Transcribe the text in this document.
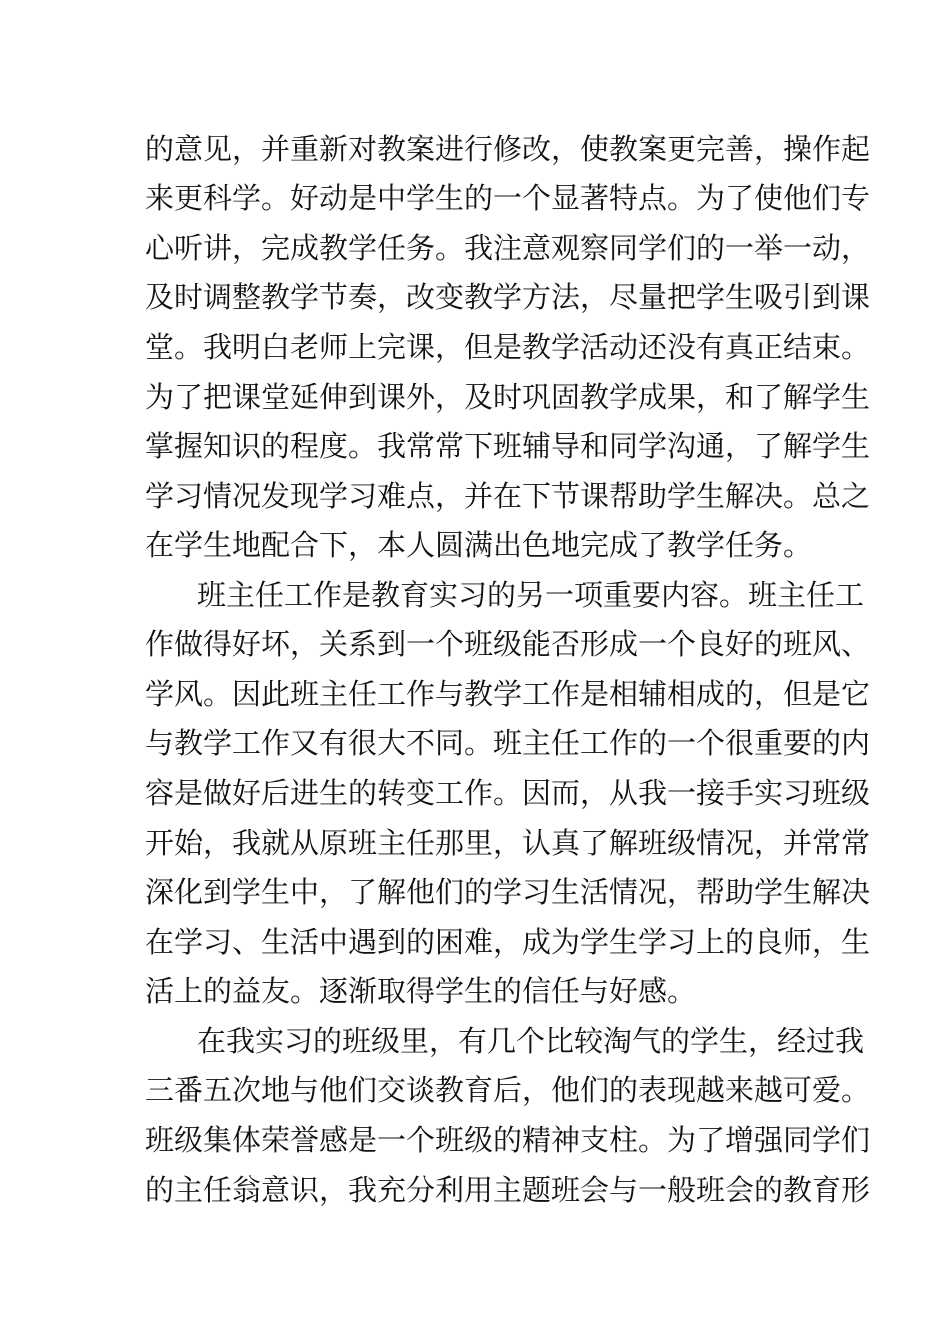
的意见，并重新对教案进行修改，使教案更完善，操作起
来更科学。好动是中学生的一个显著特点。为了使他们专
心听讲，完成教学任务。我注意观察同学们的一举一动，
及时调整教学节奏，改变教学方法，尽量把学生吸引到课
堂。我明白老师上完课，但是教学活动还没有真正结束。
为了把课堂延伸到课外，及时巩固教学成果，和了解学生
掌握知识的程度。我常常下班辅导和同学沟通，了解学生
学习情况发现学习难点，并在下节课帮助学生解决。总之
在学生地配合下，本人圆满出色地完成了教学任务。
班主任工作是教育实习的另一项重要内容。班主任工
作做得好坏，关系到一个班级能否形成一个良好的班风、
学风。因此班主任工作与教学工作是相辅相成的，但是它
与教学工作又有很大不同。班主任工作的一个很重要的内
容是做好后进生的转变工作。因而，从我一接手实习班级
开始，我就从原班主任那里，认真了解班级情况，并常常
深化到学生中，了解他们的学习生活情况，帮助学生解决
在学习、生活中遇到的困难，成为学生学习上的良师，生
活上的益友。逐渐取得学生的信任与好感。
在我实习的班级里，有几个比较淘气的学生，经过我
三番五次地与他们交谈教育后，他们的表现越来越可爱。
班级集体荣誉感是一个班级的精神支柱。为了增强同学们
的主任翁意识，我充分利用主题班会与一般班会的教育形
